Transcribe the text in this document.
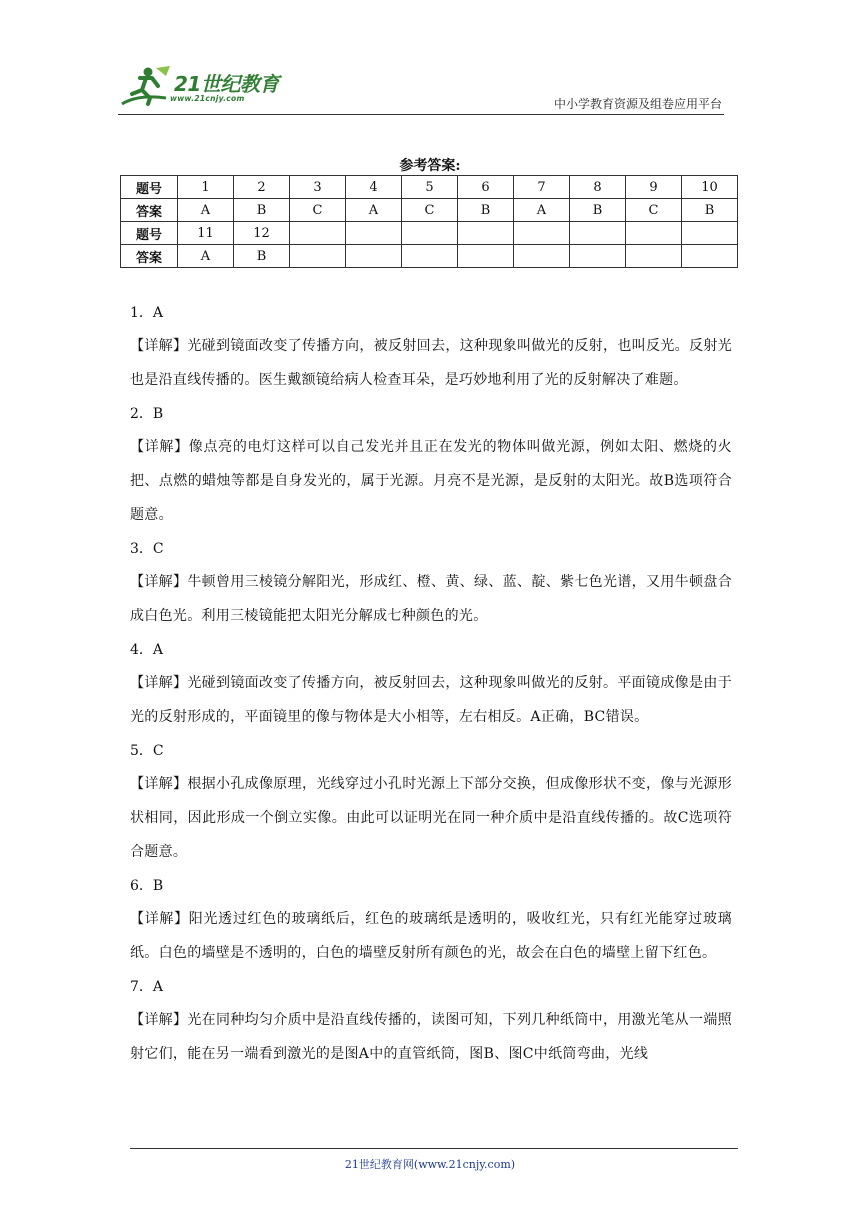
21世纪教育
www.21cnjy.com	中小学教育资源及组卷应用平台
参考答案:
题号	1	2	3	4	5	6	7	8	9	10
答案	A	B	C	A	C	B	A	B	C	B
题号	11	12								
答案	A	B								
1．A
【详解】光碰到镜面改变了传播方向，被反射回去，这种现象叫做光的反射，也叫反光。反射光也是沿直线传播的。医生戴额镜给病人检查耳朵，是巧妙地利用了光的反射解决了难题。
2．B
【详解】像点亮的电灯这样可以自己发光并且正在发光的物体叫做光源，例如太阳、燃烧的火把、点燃的蜡烛等都是自身发光的，属于光源。月亮不是光源，是反射的太阳光。故B选项符合题意。
3．C
【详解】牛顿曾用三棱镜分解阳光，形成红、橙、黄、绿、蓝、靛、紫七色光谱，又用牛顿盘合成白色光。利用三棱镜能把太阳光分解成七种颜色的光。
4．A
【详解】光碰到镜面改变了传播方向，被反射回去，这种现象叫做光的反射。平面镜成像是由于光的反射形成的，平面镜里的像与物体是大小相等，左右相反。A正确，BC错误。
5．C
【详解】根据小孔成像原理，光线穿过小孔时光源上下部分交换，但成像形状不变，像与光源形状相同，因此形成一个倒立实像。由此可以证明光在同一种介质中是沿直线传播的。故C选项符合题意。
6．B
【详解】阳光透过红色的玻璃纸后，红色的玻璃纸是透明的，吸收红光，只有红光能穿过玻璃纸。白色的墙壁是不透明的，白色的墙壁反射所有颜色的光，故会在白色的墙壁上留下红色。
7．A
【详解】光在同种均匀介质中是沿直线传播的，读图可知，下列几种纸筒中，用激光笔从一端照射它们，能在另一端看到激光的是图A中的直管纸筒，图B、图C中纸筒弯曲，光线
21世纪教育网(www.21cnjy.com)
